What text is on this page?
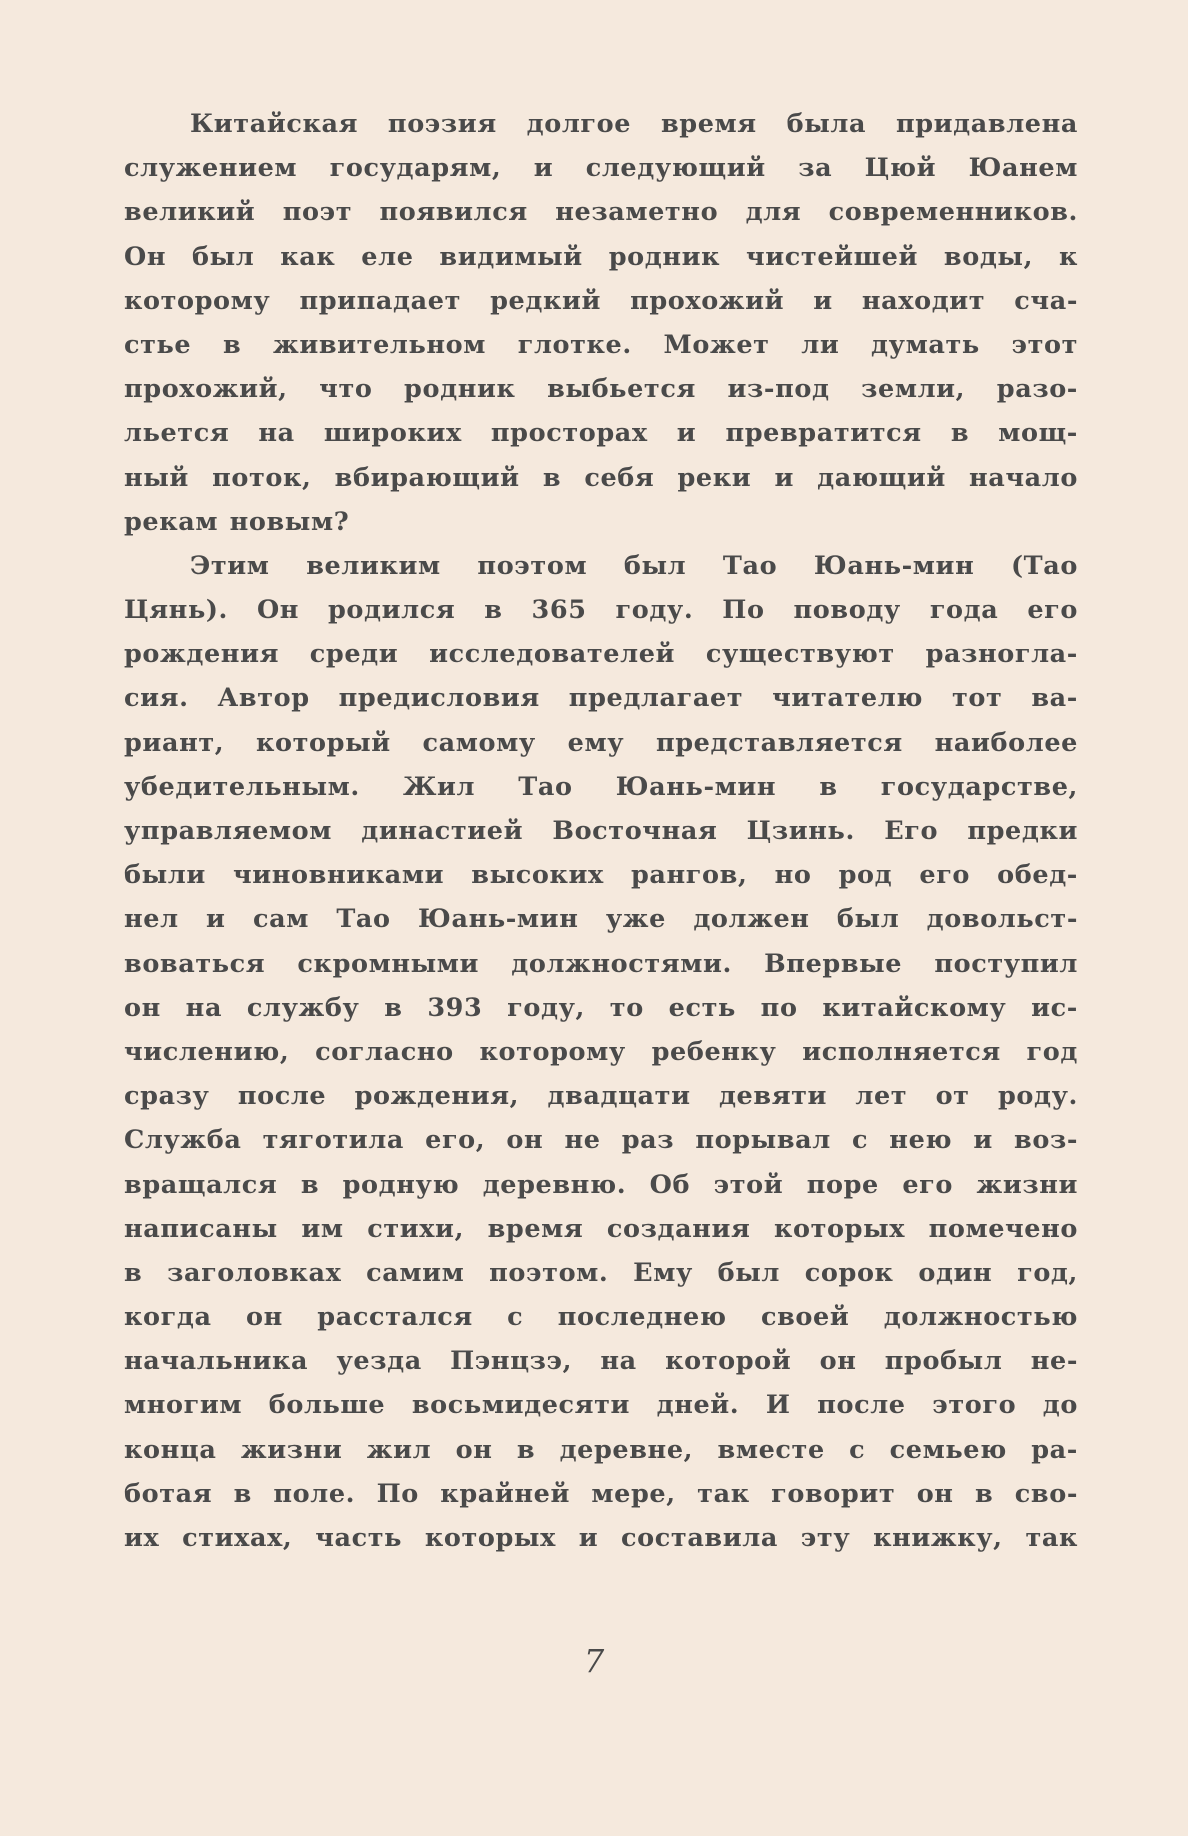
Китайская поэзия долгое время была придавлена
служением государям, и следующий за Цюй Юанем
великий поэт появился незаметно для современников.
Он был как еле видимый родник чистейшей воды, к
которому припадает редкий прохожий и находит сча-
стье в живительном глотке. Может ли думать этот
прохожий, что родник выбьется из-под земли, разо-
льется на широких просторах и превратится в мощ-
ный поток, вбирающий в себя реки и дающий начало
рекам новым?
Этим великим поэтом был Тао Юань-мин (Тао
Цянь). Он родился в 365 году. По поводу года его
рождения среди исследователей существуют разногла-
сия. Автор предисловия предлагает читателю тот ва-
риант, который самому ему представляется наиболее
убедительным. Жил Тао Юань-мин в государстве,
управляемом династией Восточная Цзинь. Его предки
были чиновниками высоких рангов, но род его обед-
нел и сам Тао Юань-мин уже должен был довольст-
воваться скромными должностями. Впервые поступил
он на службу в 393 году, то есть по китайскому ис-
числению, согласно которому ребенку исполняется год
сразу после рождения, двадцати девяти лет от роду.
Служба тяготила его, он не раз порывал с нею и воз-
вращался в родную деревню. Об этой поре его жизни
написаны им стихи, время создания которых помечено
в заголовках самим поэтом. Ему был сорок один год,
когда он расстался с последнею своей должностью
начальника уезда Пэнцзэ, на которой он пробыл не-
многим больше восьмидесяти дней. И после этого до
конца жизни жил он в деревне, вместе с семьею ра-
ботая в поле. По крайней мере, так говорит он в сво-
их стихах, часть которых и составила эту книжку, так
7
